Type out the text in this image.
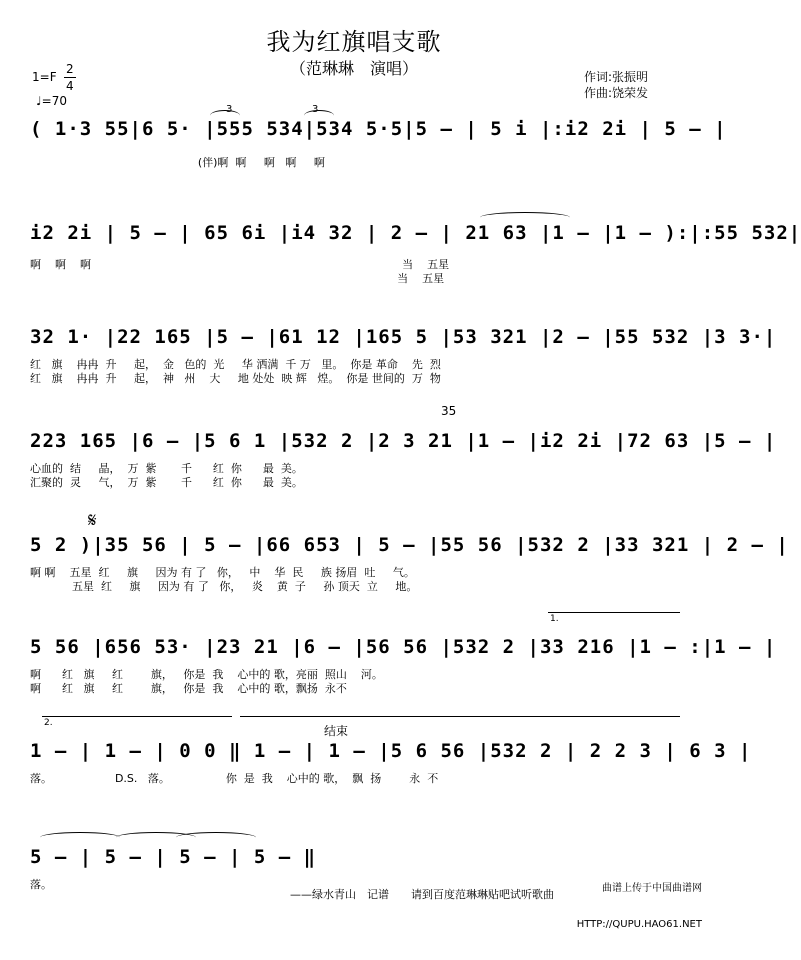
我为红旗唱支歌
（范琳琳　演唱）	作词:张振明
作曲:饶荣发
1=F
2
4
♩=70

( 1·3 55|6 5· |555 534|534 5·5|5 – | 5 i |:i2 2i | 5 – |

(伴)啊  啊     啊   啊     啊

3	3

i2 2i | 5 – | 65 6i |i4 32 | 2 – | 21 63 |1 – |1 – ):|:55 532|

啊    啊    啊                                                                                         当    五星

当    五星

32 1· |22 165 |5 – |61 12 |165 5 |53 321 |2 – |55 532 |3 3·|

红   旗    冉冉  升     起，  金   色的  光     华 洒满  千 万   里。  你是 革命    先  烈

红   旗    冉冉  升     起，  神   州    大     地 处处  映 辉   煌。  你是 世间的  万  物

223 165 |6 – |5 6 1 |532 2 |2 3 21 |1 – |i2 2i |72 63 |5 – |

心血的  结     晶，  万  紫       千      红  你      最  美。

汇聚的  灵     气，  万  紫       千      红  你      最  美。

35
𝄋

5 2 )|35 56 | 5 – |66 653 | 5 – |55 56 |532 2 |33 321 | 2 – |

啊 啊    五星  红     旗     因为 有 了   你，   中    华  民     族 扬眉  吐     气。

五星  红     旗     因为 有 了   你，   炎    黄  子     孙 顶天  立     地。

1.

5 56 |656 53· |23 21 |6 – |56 56 |532 2 |33 216 |1 – :|1 – |

啊      红   旗     红        旗，   你是  我    心中的 歌，亮丽  照山    河。

啊      红   旗     红        旗，   你是  我    心中的 歌，飘扬  永不

2.
结束

1 – | 1 – | 0 0 ‖ 1 – | 1 – |5 6 56 |532 2 | 2 2 3 | 6 3 |

落。                  D.S.   落。                你  是  我    心中的 歌，  飘  扬        永  不

5 – | 5 – | 5 – | 5 – ‖

落。

——绿水青山　记谱　　请到百度范琳琳贴吧试听歌曲

	曲谱上传于中国曲谱网

HTTP://QUPU.HAO61.NET
